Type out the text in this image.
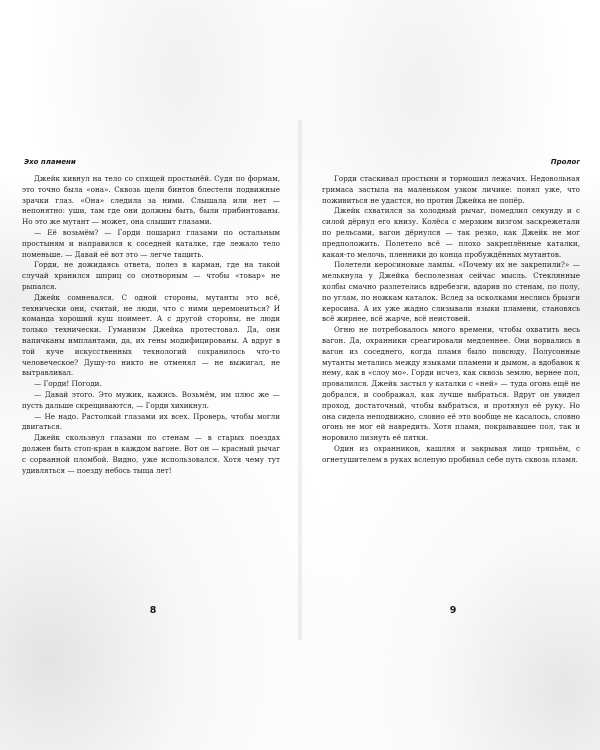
Эхо пламени	Пролог

Джейк кивнул на тело со спящей простынёй. Судя по формам, это точно была «она». Сквозь щели бинтов блестели подвижные зрачки глаз. «Она» следила за ними. Слышала или нет — непонятно: уши, там где они должны быть, были прибинтованы. Но это же мутант — может, она слышит глазами.

— Её возьмём? — Горди пошарил глазами по остальным простыням и направился к соседней каталке, где лежало тело поменьше. — Давай её вот это — легче тащить.

Горди, не дожидаясь ответа, полез в карман, где на такой случай хранился шприц со снотворным — чтобы «товар» не рыпался.

Джейк сомневался. С одной стороны, мутанты это всё, технически они, считай, не люди, что с ними церемониться? И команда хороший куш поимеет. А с другой стороны, не люди только технически. Гуманизм Джейка протестовал. Да, они напичканы имплантами, да, их гены модифицированы. А вдруг в той куче искусственных технологий сохранилось что-то человеческое? Душу-то никто не отменял — не выжигал, не вытравливал.

— Горди! Погоди.

— Давай этого. Это мужик, кажись. Возьмём, им плюс же — пусть дальше скрещиваются, — Горди хихикнул.

— Не надо. Растолкай глазами их всех. Проверь, чтобы могли двигаться.

Джейк скользнул глазами по стенам — в старых поездах должен быть стоп-кран в каждом вагоне. Вот он — красный рычаг с сорванной пломбой. Видно, уже использовался. Хотя чему тут удивляться — поезду небось тыща лет!

Горди стаскивал простыни и тормошил лежачих. Недовольная гримаса застыла на маленьком узком личике: понял уже, что поживиться не удастся, но против Джейка не попёр.

Джейк схватился за холодный рычаг, помедлил секунду и с силой дёрнул его книзу. Колёса с мерзким визгом заскрежетали по рельсами, вагон дёрнулся — так резко, как Джейк не мог предположить. Полетело всё — плохо закреплённые каталки, какая-то мелочь, пленники до конца пробуждённых мутантов.

Полетели керосиновые лампы. «Почему их не закрепили?» — мелькнула у Джейка бесполезная сейчас мысль. Стеклянные колбы смачно разлетелись вдребезги, вдарив по стенам, по полу, по углам, по ножкам каталок. Вслед за осколками неслись брызги керосина. А их уже жадно слизывали языки пламени, становясь всё жирнее, всё жарче, всё неистовей.

Огню не потребовалось много времени, чтобы охватить весь вагон. Да, охранники среагировали медленнее. Они ворвались в вагон из соседнего, когда пламя было повсюду. Полусонные мутанты метались между языками пламени и дымом, а вдобавок к нему, как в «слоу мо». Горди исчез, как сквозь землю, вернее пол, провалился. Джейк застыл у каталки с «ней» — туда огонь ещё не добрался, и соображал, как лучше выбраться. Вдруг он увидел проход, достаточный, чтобы выбраться, и протянул её руку. Но она сидела неподвижно, словно её это вообще не касалось, словно огонь не мог ей навредить. Хотя пламя, покрывавшее пол, так и норовило лизнуть её пятки.

Один из охранников, кашляя и закрывая лицо тряпьём, с огнетушителем в руках вслепую пробивал себе путь сквозь пламя.

8	9
